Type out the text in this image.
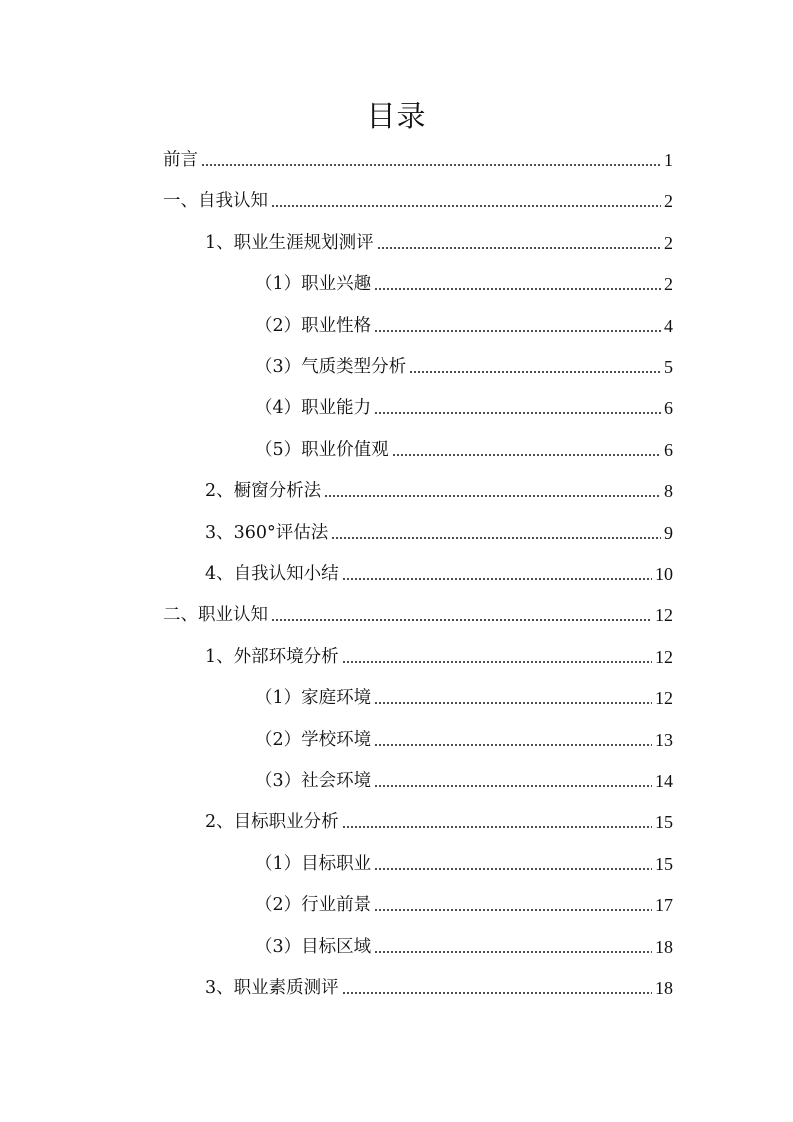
目录
前言	1
一、自我认知	2
1、职业生涯规划测评	2
（1）职业兴趣	2
（2）职业性格	4
（3）气质类型分析	5
（4）职业能力	6
（5）职业价值观	6
2、橱窗分析法	8
3、360°评估法	9
4、自我认知小结	10
二、职业认知	12
1、外部环境分析	12
（1）家庭环境	12
（2）学校环境	13
（3）社会环境	14
2、目标职业分析	15
（1）目标职业	15
（2）行业前景	17
（3）目标区域	18
3、职业素质测评	18
